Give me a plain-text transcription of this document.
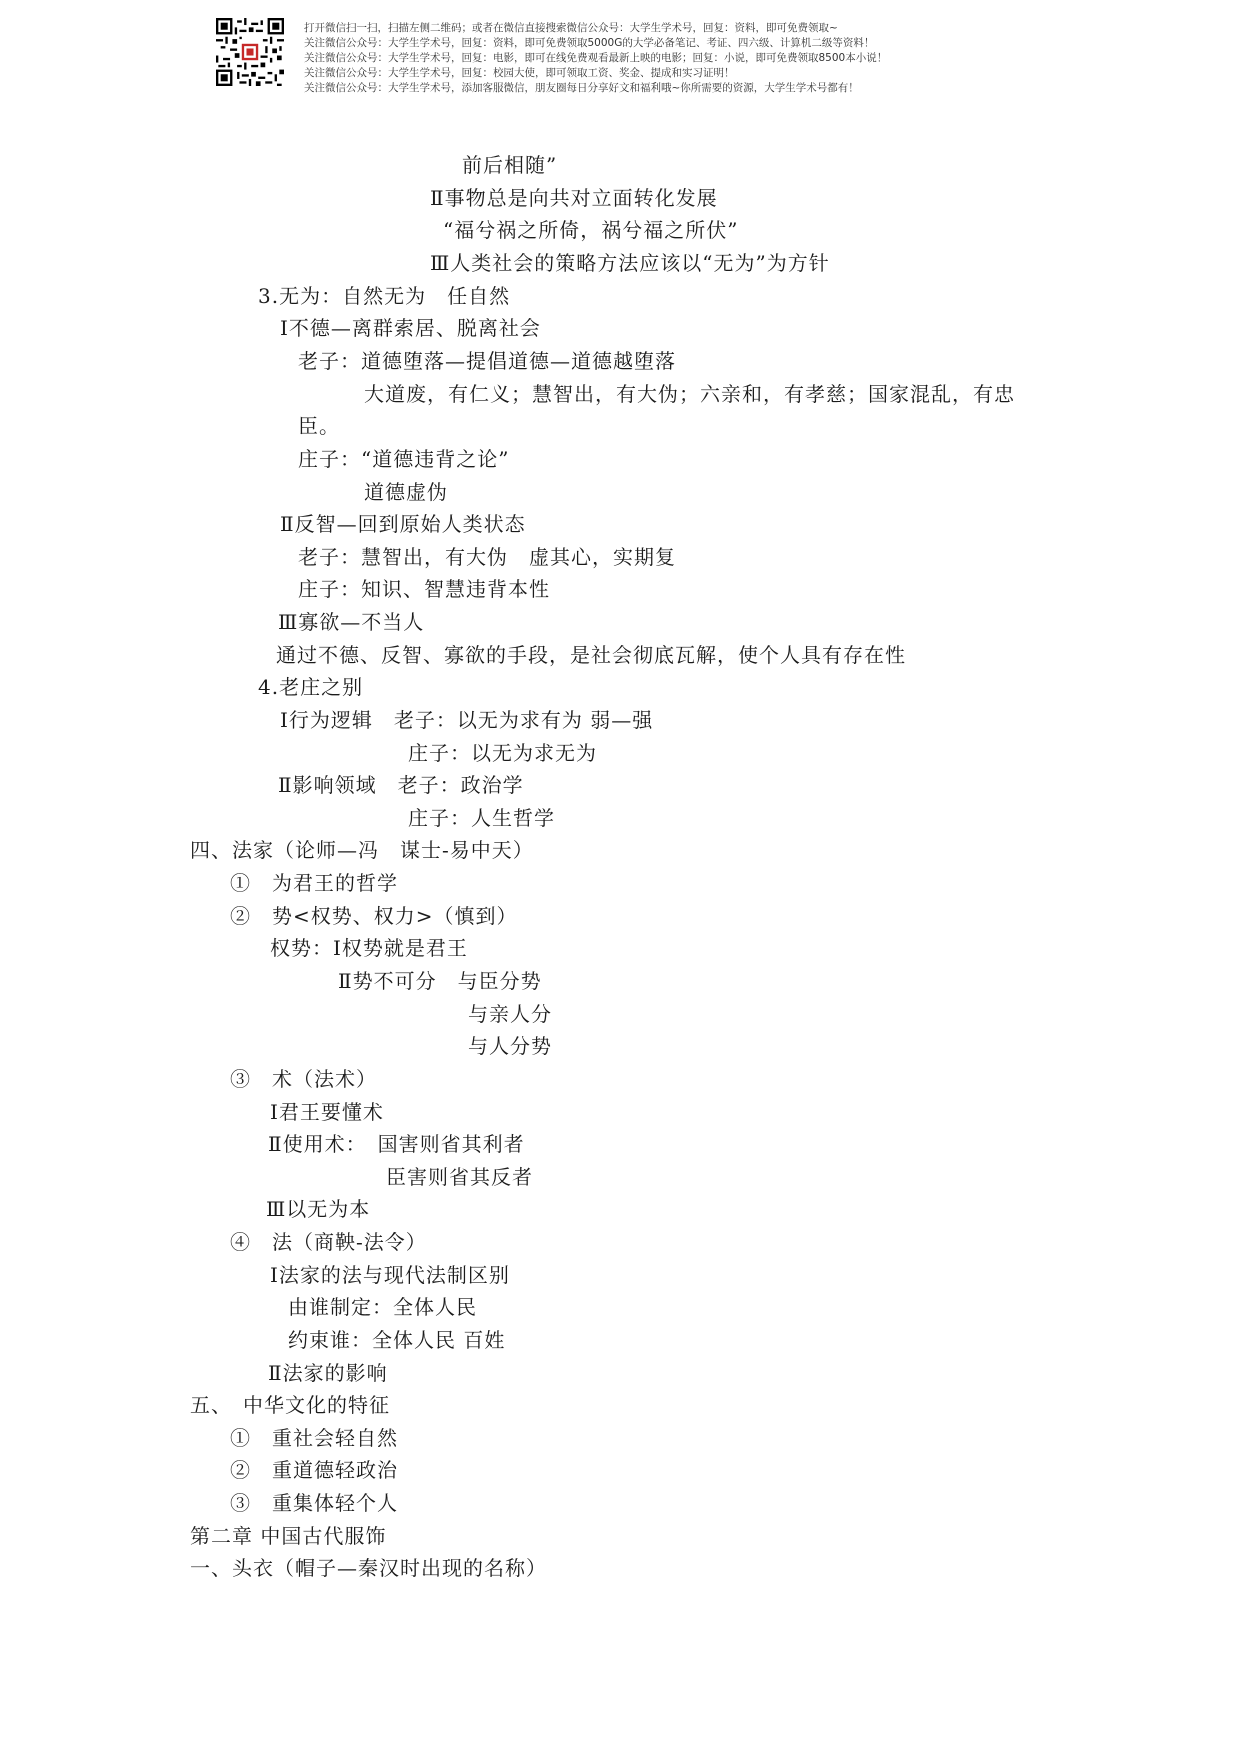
打开微信扫一扫，扫描左侧二维码；或者在微信直接搜索微信公众号：大学生学术号，回复：资料，即可免费领取~
关注微信公众号：大学生学术号，回复：资料，即可免费领取5000G的大学必备笔记、考证、四六级、计算机二级等资料！
关注微信公众号：大学生学术号，回复：电影，即可在线免费观看最新上映的电影；回复：小说，即可免费领取8500本小说！
关注微信公众号：大学生学术号，回复：校园大使，即可领取工资、奖金、提成和实习证明！
关注微信公众号：大学生学术号，添加客服微信，朋友圈每日分享好文和福利哦~你所需要的资源，大学生学术号都有！
前后相随”
Ⅱ事物总是向共对立面转化发展
“福兮祸之所倚，祸兮福之所伏”
Ⅲ人类社会的策略方法应该以“无为”为方针
3.无为：自然无为　任自然
Ⅰ不德—离群索居、脱离社会
老子：道德堕落—提倡道德—道德越堕落
大道废，有仁义；慧智出，有大伪；六亲和，有孝慈；国家混乱，有忠
臣。
庄子：“道德违背之论”
道德虚伪
Ⅱ反智—回到原始人类状态
老子：慧智出，有大伪　虚其心，实期复
庄子：知识、智慧违背本性
Ⅲ寡欲—不当人
通过不德、反智、寡欲的手段，是社会彻底瓦解，使个人具有存在性
4.老庄之别
Ⅰ行为逻辑　老子：以无为求有为 弱—强
庄子：以无为求无为
Ⅱ影响领域　老子：政治学
庄子：人生哲学
四、法家（论师—冯　谋士-易中天）
①　为君王的哲学
②　势<权势、权力>（慎到）
权势：Ⅰ权势就是君王
Ⅱ势不可分　与臣分势
与亲人分
与人分势
③　术（法术）
Ⅰ君王要懂术
Ⅱ使用术：　国害则省其利者
臣害则省其反者
Ⅲ以无为本
④　法（商鞅-法令）
Ⅰ法家的法与现代法制区别
由谁制定：全体人民
约束谁：全体人民 百姓
Ⅱ法家的影响
五、　中华文化的特征
①　重社会轻自然
②　重道德轻政治
③　重集体轻个人
第二章 中国古代服饰
一、头衣（帽子—秦汉时出现的名称）
